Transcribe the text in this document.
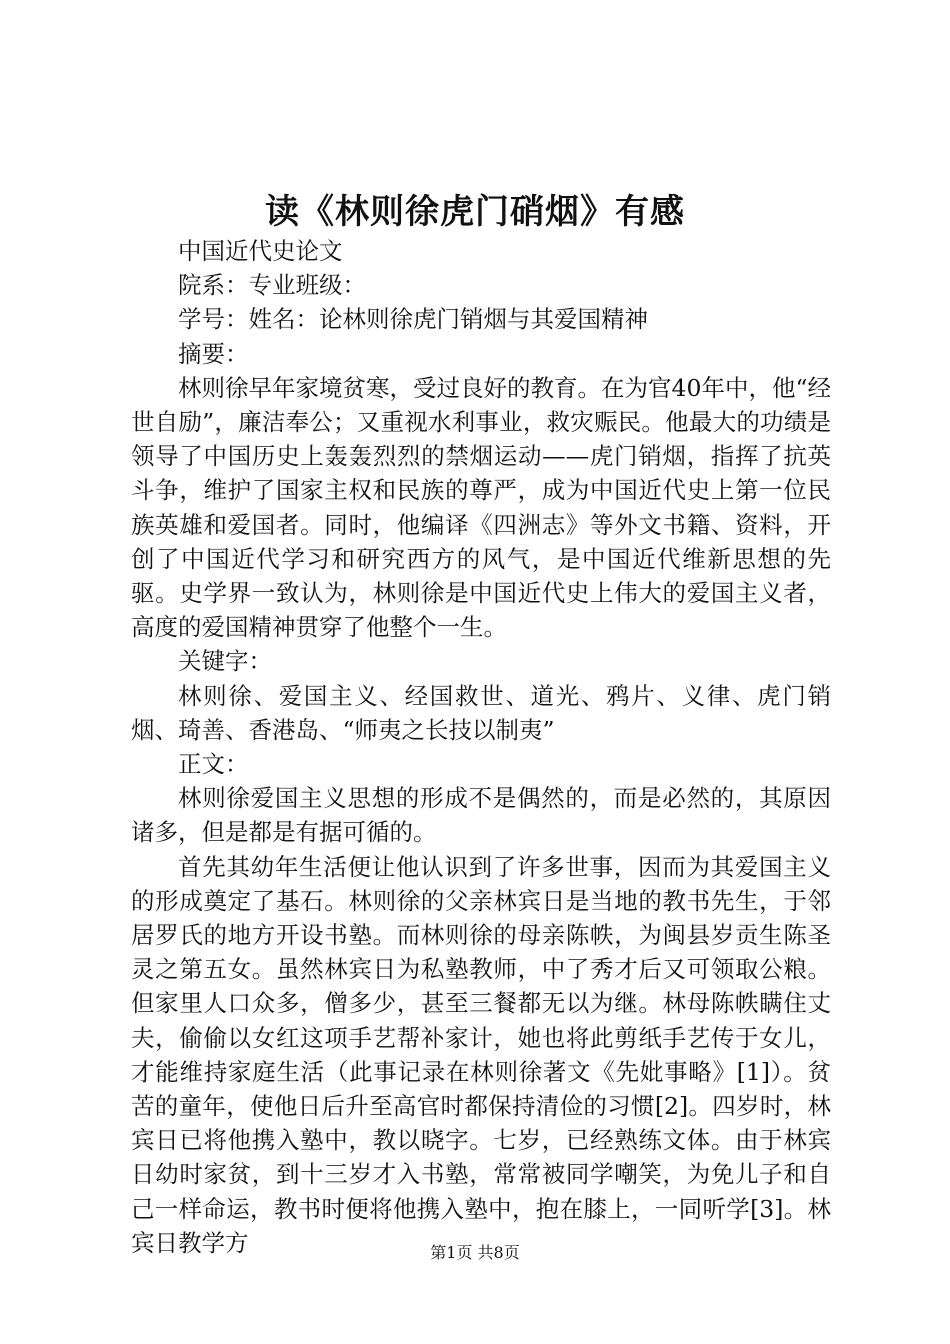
读《林则徐虎门硝烟》有感

中国近代史论文

院系：专业班级：

学号：姓名：论林则徐虎门销烟与其爱国精神

摘要：

林则徐早年家境贫寒，受过良好的教育。在为官40年中，他“经世自励”，廉洁奉公；又重视水利事业，救灾赈民。他最大的功绩是领导了中国历史上轰轰烈烈的禁烟运动——虎门销烟，指挥了抗英斗争，维护了国家主权和民族的尊严，成为中国近代史上第一位民族英雄和爱国者。同时，他编译《四洲志》等外文书籍、资料，开创了中国近代学习和研究西方的风气，是中国近代维新思想的先驱。史学界一致认为，林则徐是中国近代史上伟大的爱国主义者，高度的爱国精神贯穿了他整个一生。

关键字：

林则徐、爱国主义、经国救世、道光、鸦片、义律、虎门销烟、琦善、香港岛、“师夷之长技以制夷”

正文：

林则徐爱国主义思想的形成不是偶然的，而是必然的，其原因诸多，但是都是有据可循的。

首先其幼年生活便让他认识到了许多世事，因而为其爱国主义的形成奠定了基石。林则徐的父亲林宾日是当地的教书先生，于邻居罗氏的地方开设书塾。而林则徐的母亲陈帙，为闽县岁贡生陈圣灵之第五女。虽然林宾日为私塾教师，中了秀才后又可领取公粮。但家里人口众多，僧多少，甚至三餐都无以为继。林母陈帙瞒住丈夫，偷偷以女红这项手艺帮补家计，她也将此剪纸手艺传于女儿，才能维持家庭生活（此事记录在林则徐著文《先妣事略》[1]）。贫苦的童年，使他日后升至高官时都保持清俭的习惯[2]。四岁时，林宾日已将他携入塾中，教以晓字。七岁，已经熟练文体。由于林宾日幼时家贫，到十三岁才入书塾，常常被同学嘲笑，为免儿子和自己一样命运，教书时便将他携入塾中，抱在膝上，一同听学[3]。林宾日教学方	第1页 共8页
